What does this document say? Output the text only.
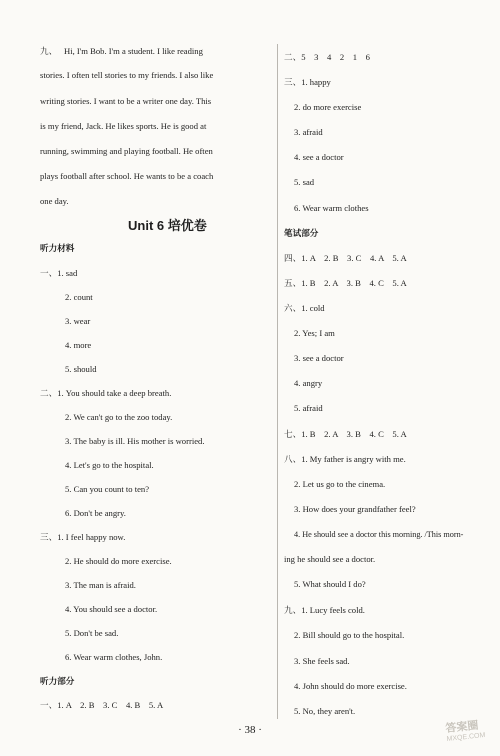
九、 Hi, I'm Bob. I'm a student. I like reading
stories. I often tell stories to my friends. I also like
writing stories. I want to be a writer one day. This
is my friend, Jack. He likes sports. He is good at
running, swimming and playing football. He often
plays football after school. He wants to be a coach
one day.
Unit 6 培优卷
听力材料
一、1. sad
2. count
3. wear
4. more
5. should
二、1. You should take a deep breath.
2. We can't go to the zoo today.
3. The baby is ill. His mother is worried.
4. Let's go to the hospital.
5. Can you count to ten?
6. Don't be angry.
三、1. I feel happy now.
2. He should do more exercise.
3. The man is afraid.
4. You should see a doctor.
5. Don't be sad.
6. Wear warm clothes, John.
听力部分
一、1. A　2. B　3. C　4. B　5. A
二、5　3　4　2　1　6
三、1. happy
2. do more exercise
3. afraid
4. see a doctor
5. sad
6. Wear warm clothes
笔试部分
四、1. A　2. B　3. C　4. A　5. A
五、1. B　2. A　3. B　4. C　5. A
六、1. cold
2. Yes; I am
3. see a doctor
4. angry
5. afraid
七、1. B　2. A　3. B　4. C　5. A
八、1. My father is angry with me.
2. Let us go to the cinema.
3. How does your grandfather feel?
4. He should see a doctor this morning. /This morn-
ing he should see a doctor.
5. What should I do?
九、1. Lucy feels cold.
2. Bill should go to the hospital.
3. She feels sad.
4. John should do more exercise.
5. No, they aren't.
· 38 ·	答案圈
MXQE.COM
